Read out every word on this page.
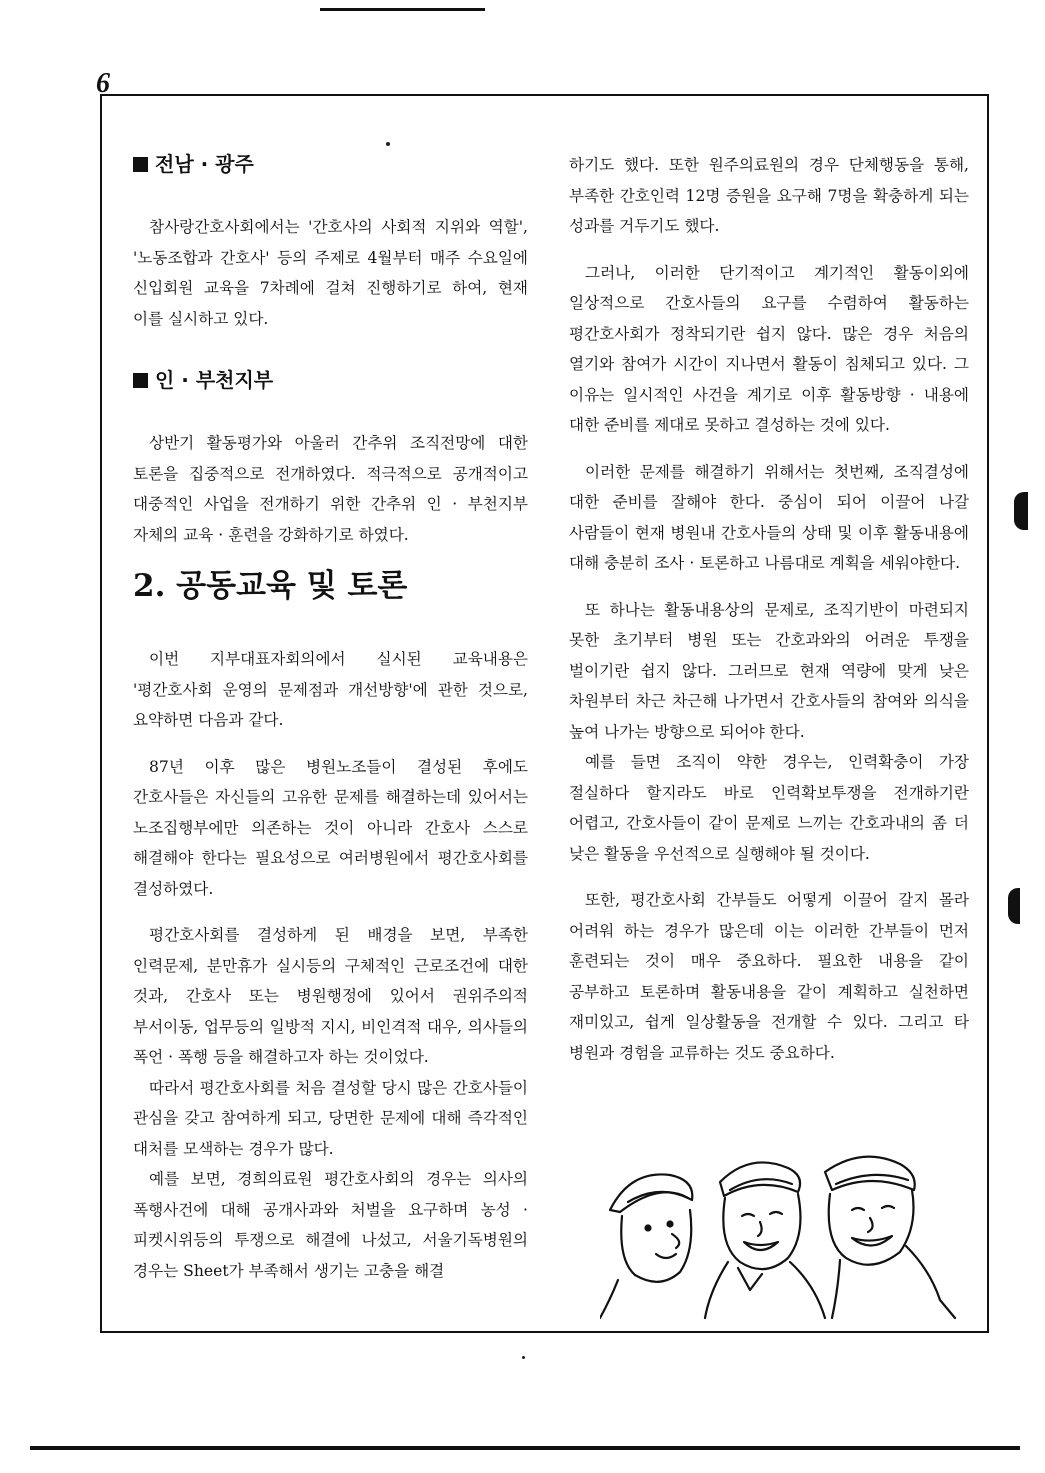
6
전남 · 광주

참사랑간호사회에서는 '간호사의 사회적 지위와 역할', '노동조합과 간호사' 등의 주제로 4월부터 매주 수요일에 신입회원 교육을 7차례에 걸쳐 진행하기로 하여, 현재 이를 실시하고 있다.

인 · 부천지부

상반기 활동평가와 아울러 간추위 조직전망에 대한 토론을 집중적으로 전개하였다. 적극적으로 공개적이고 대중적인 사업을 전개하기 위한 간추위 인 · 부천지부 자체의 교육 · 훈련을 강화하기로 하였다.

2. 공동교육 및 토론

이번 지부대표자회의에서 실시된 교육내용은 '평간호사회 운영의 문제점과 개선방향'에 관한 것으로, 요약하면 다음과 같다.

87년 이후 많은 병원노조들이 결성된 후에도 간호사들은 자신들의 고유한 문제를 해결하는데 있어서는 노조집행부에만 의존하는 것이 아니라 간호사 스스로 해결해야 한다는 필요성으로 여러병원에서 평간호사회를 결성하였다.

평간호사회를 결성하게 된 배경을 보면, 부족한 인력문제, 분만휴가 실시등의 구체적인 근로조건에 대한 것과, 간호사 또는 병원행정에 있어서 권위주의적 부서이동, 업무등의 일방적 지시, 비인격적 대우, 의사들의 폭언 · 폭행 등을 해결하고자 하는 것이었다.

따라서 평간호사회를 처음 결성할 당시 많은 간호사들이 관심을 갖고 참여하게 되고, 당면한 문제에 대해 즉각적인 대처를 모색하는 경우가 많다.

예를 보면, 경희의료원 평간호사회의 경우는 의사의 폭행사건에 대해 공개사과와 처벌을 요구하며 농성 · 피켓시위등의 투쟁으로 해결에 나섰고, 서울기독병원의 경우는 Sheet가 부족해서 생기는 고충을 해결

하기도 했다. 또한 원주의료원의 경우 단체행동을 통해, 부족한 간호인력 12명 증원을 요구해 7명을 확충하게 되는 성과를 거두기도 했다.

그러나, 이러한 단기적이고 계기적인 활동이외에 일상적으로 간호사들의 요구를 수렴하여 활동하는 평간호사회가 정착되기란 쉽지 않다. 많은 경우 처음의 열기와 참여가 시간이 지나면서 활동이 침체되고 있다. 그 이유는 일시적인 사건을 계기로 이후 활동방향 · 내용에 대한 준비를 제대로 못하고 결성하는 것에 있다.

이러한 문제를 해결하기 위해서는 첫번째, 조직결성에 대한 준비를 잘해야 한다. 중심이 되어 이끌어 나갈 사람들이 현재 병원내 간호사들의 상태 및 이후 활동내용에 대해 충분히 조사 · 토론하고 나름대로 계획을 세워야한다.

또 하나는 활동내용상의 문제로, 조직기반이 마련되지 못한 초기부터 병원 또는 간호과와의 어려운 투쟁을 벌이기란 쉽지 않다. 그러므로 현재 역량에 맞게 낮은 차원부터 차근 차근해 나가면서 간호사들의 참여와 의식을 높여 나가는 방향으로 되어야 한다.

예를 들면 조직이 약한 경우는, 인력확충이 가장 절실하다 할지라도 바로 인력확보투쟁을 전개하기란 어렵고, 간호사들이 같이 문제로 느끼는 간호과내의 좀 더 낮은 활동을 우선적으로 실행해야 될 것이다.

또한, 평간호사회 간부들도 어떻게 이끌어 갈지 몰라 어려워 하는 경우가 많은데 이는 이러한 간부들이 먼저 훈련되는 것이 매우 중요하다. 필요한 내용을 같이 공부하고 토론하며 활동내용을 같이 계획하고 실천하면 재미있고, 쉽게 일상활동을 전개할 수 있다. 그리고 타 병원과 경험을 교류하는 것도 중요하다.
